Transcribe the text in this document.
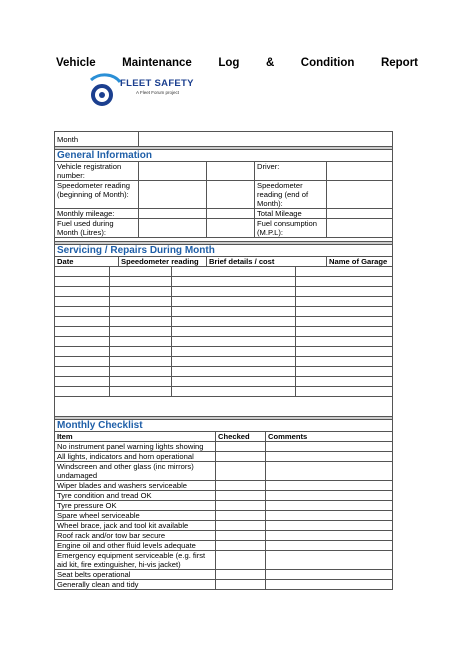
Vehicle Maintenance Log & Condition Report
FLEET SAFETY
A Fleet Forum project
Month					

General Information					
Vehicle registration number:				Driver:	
Speedometer reading (beginning of Month):				Speedometer reading (end of Month):	
Monthly mileage:				Total Mileage	
Fuel used during Month (Litres):				Fuel consumption (M.P.L):	

Servicing / Repairs During Month					
Date	Speedometer reading		Brief details / cost		Name of Garage

Monthly Checklist		
Item	Checked	Comments
No instrument panel warning lights showing		
All lights, indicators and horn operational		
Windscreen and other glass (inc mirrors) undamaged		
Wiper blades and washers serviceable		
Tyre condition and tread OK		
Tyre pressure OK		
Spare wheel serviceable		
Wheel brace, jack and tool kit available		
Roof rack and/or tow bar secure		
Engine oil and other fluid levels adequate		
Emergency equipment serviceable (e.g. first aid kit, fire extinguisher, hi-vis jacket)		
Seat belts operational		
Generally clean and tidy		
